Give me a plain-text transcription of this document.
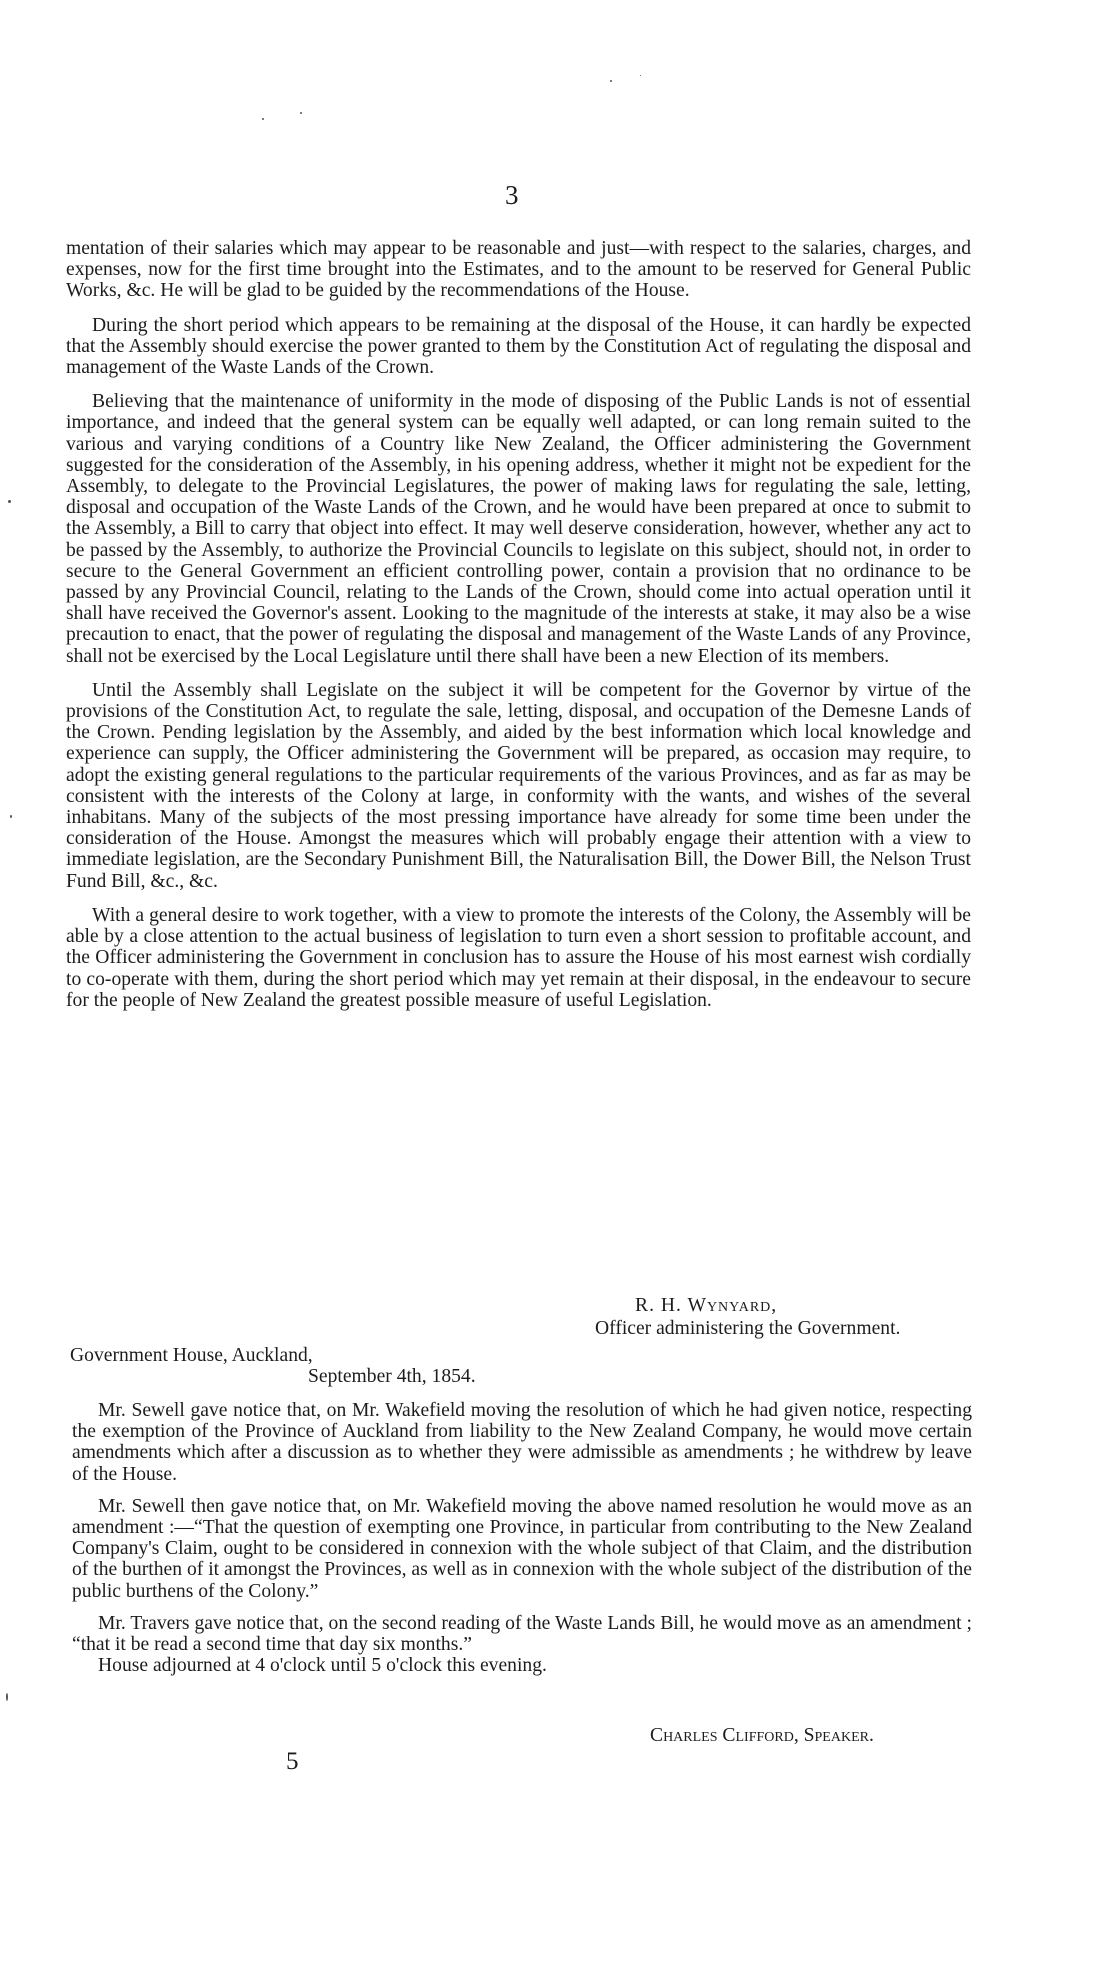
3

mentation of their salaries which may appear to be reasonable and just—with respect to the salaries, charges, and expenses, now for the first time brought into the Estimates, and to the amount to be reserved for General Public Works, &c. He will be glad to be guided by the recommendations of the House.

During the short period which appears to be remaining at the disposal of the House, it can hardly be expected that the Assembly should exercise the power granted to them by the Constitution Act of regulating the disposal and management of the Waste Lands of the Crown.

Believing that the maintenance of uniformity in the mode of disposing of the Public Lands is not of essential importance, and indeed that the general system can be equally well adapted, or can long remain suited to the various and varying conditions of a Country like New Zealand, the Officer administering the Government suggested for the consideration of the Assembly, in his opening address, whether it might not be expedient for the Assembly, to delegate to the Provincial Legislatures, the power of making laws for regulating the sale, letting, disposal and occupation of the Waste Lands of the Crown, and he would have been prepared at once to submit to the Assembly, a Bill to carry that object into effect. It may well deserve consideration, however, whether any act to be passed by the Assembly, to authorize the Provincial Councils to legislate on this subject, should not, in order to secure to the General Government an efficient controlling power, contain a provision that no ordinance to be passed by any Provincial Council, relating to the Lands of the Crown, should come into actual operation until it shall have received the Governor's assent. Looking to the magnitude of the interests at stake, it may also be a wise precaution to enact, that the power of regulating the disposal and management of the Waste Lands of any Province, shall not be exercised by the Local Legislature until there shall have been a new Election of its members.

Until the Assembly shall Legislate on the subject it will be competent for the Governor by virtue of the provisions of the Constitution Act, to regulate the sale, letting, disposal, and occupation of the Demesne Lands of the Crown. Pending legislation by the Assembly, and aided by the best information which local knowledge and experience can supply, the Officer administering the Government will be prepared, as occasion may require, to adopt the existing general regulations to the particular requirements of the various Provinces, and as far as may be consistent with the interests of the Colony at large, in conformity with the wants, and wishes of the several inhabitans. Many of the subjects of the most pressing importance have already for some time been under the consideration of the House. Amongst the measures which will probably engage their attention with a view to immediate legislation, are the Secondary Punishment Bill, the Naturalisation Bill, the Dower Bill, the Nelson Trust Fund Bill, &c., &c.

With a general desire to work together, with a view to promote the interests of the Colony, the Assembly will be able by a close attention to the actual business of legislation to turn even a short session to profitable account, and the Officer administering the Government in conclusion has to assure the House of his most earnest wish cordially to co-operate with them, during the short period which may yet remain at their disposal, in the endeavour to secure for the people of New Zealand the greatest possible measure of useful Legislation.

R. H. Wynyard,
Officer administering the Government.
Government House, Auckland,
September 4th, 1854.

Mr. Sewell gave notice that, on Mr. Wakefield moving the resolution of which he had given notice, respecting the exemption of the Province of Auckland from liability to the New Zealand Company, he would move certain amendments which after a discussion as to whether they were admissible as amendments ; he withdrew by leave of the House.

Mr. Sewell then gave notice that, on Mr. Wakefield moving the above named resolution he would move as an amendment :—“That the question of exempting one Province, in particular from contributing to the New Zealand Company's Claim, ought to be considered in connexion with the whole subject of that Claim, and the distribution of the burthen of it amongst the Provinces, as well as in connexion with the whole subject of the distribution of the public burthens of the Colony.”

Mr. Travers gave notice that, on the second reading of the Waste Lands Bill, he would move as an amendment ; “that it be read a second time that day six months.”

House adjourned at 4 o'clock until 5 o'clock this evening.

Charles Clifford, Speaker.
5
